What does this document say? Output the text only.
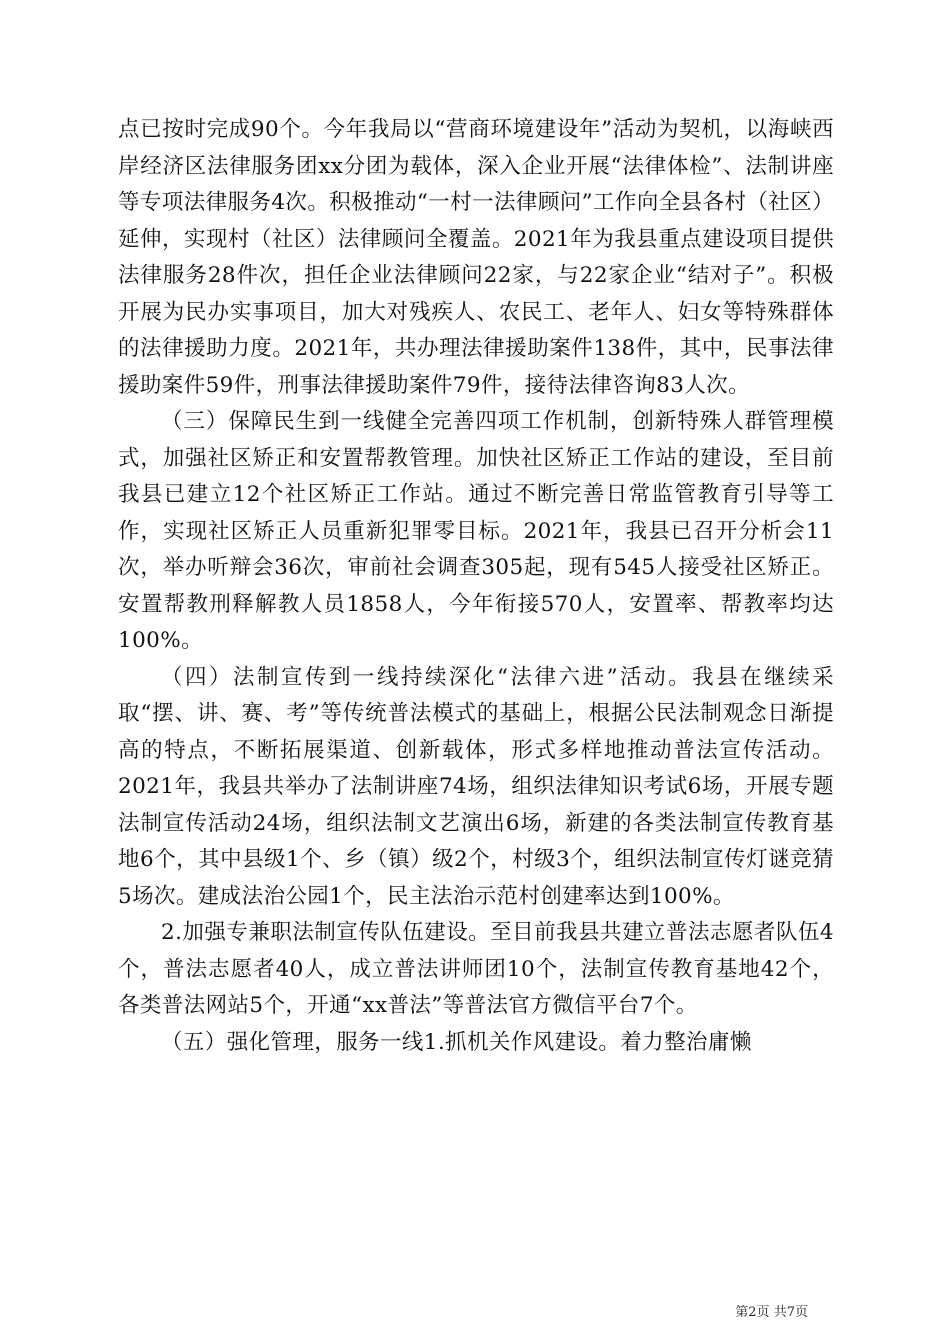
点已按时完成90个。今年我局以“营商环境建设年”活动为契机，以海峡西岸经济区法律服务团xx分团为载体，深入企业开展“法律体检”、法制讲座等专项法律服务4次。积极推动“一村一法律顾问”工作向全县各村（社区）延伸，实现村（社区）法律顾问全覆盖。2021年为我县重点建设项目提供法律服务28件次，担任企业法律顾问22家，与22家企业“结对子”。积极开展为民办实事项目，加大对残疾人、农民工、老年人、妇女等特殊群体的法律援助力度。2021年，共办理法律援助案件138件，其中，民事法律援助案件59件，刑事法律援助案件79件，接待法律咨询83人次。

（三）保障民生到一线健全完善四项工作机制，创新特殊人群管理模式，加强社区矫正和安置帮教管理。加快社区矫正工作站的建设，至目前我县已建立12个社区矫正工作站。通过不断完善日常监管教育引导等工作，实现社区矫正人员重新犯罪零目标。2021年，我县已召开分析会11次，举办听辩会36次，审前社会调查305起，现有545人接受社区矫正。安置帮教刑释解教人员1858人，今年衔接570人，安置率、帮教率均达100%。

（四）法制宣传到一线持续深化“法律六进”活动。我县在继续采取“摆、讲、赛、考”等传统普法模式的基础上，根据公民法制观念日渐提高的特点，不断拓展渠道、创新载体，形式多样地推动普法宣传活动。2021年，我县共举办了法制讲座74场，组织法律知识考试6场，开展专题法制宣传活动24场，组织法制文艺演出6场，新建的各类法制宣传教育基地6个，其中县级1个、乡（镇）级2个，村级3个，组织法制宣传灯谜竞猜5场次。建成法治公园1个，民主法治示范村创建率达到100%。

2.加强专兼职法制宣传队伍建设。至目前我县共建立普法志愿者队伍4个，普法志愿者40人，成立普法讲师团10个，法制宣传教育基地42个，各类普法网站5个，开通“xx普法”等普法官方微信平台7个。

（五）强化管理，服务一线1.抓机关作风建设。着力整治庸懒

第2页 共7页
